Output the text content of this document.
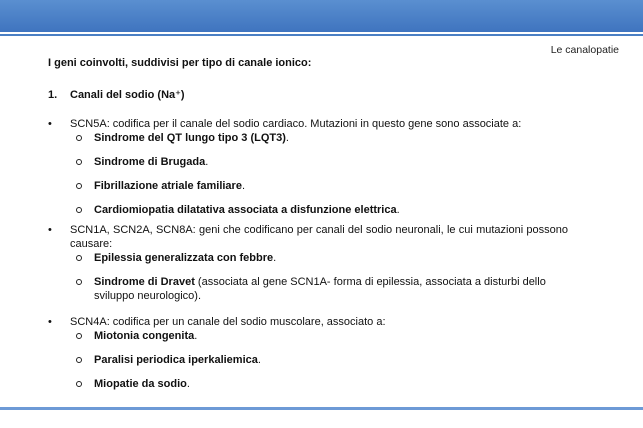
Le canalopatie
I geni coinvolti, suddivisi per tipo di canale ionico:
1. Canali del sodio (Na⁺)
• SCN5A: codifica per il canale del sodio cardiaco. Mutazioni in questo gene sono associate a:
Sindrome del QT lungo tipo 3 (LQT3).
Sindrome di Brugada.
Fibrillazione atriale familiare.
Cardiomiopatia dilatativa associata a disfunzione elettrica.
• SCN1A, SCN2A, SCN8A: geni che codificano per canali del sodio neuronali, le cui mutazioni possono causare:
Epilessia generalizzata con febbre.
Sindrome di Dravet (associata al gene SCN1A- forma di epilessia, associata a disturbi dello sviluppo neurologico).
• SCN4A: codifica per un canale del sodio muscolare, associato a:
Miotonia congenita.
Paralisi periodica iperkaliemica.
Miopatie da sodio.
